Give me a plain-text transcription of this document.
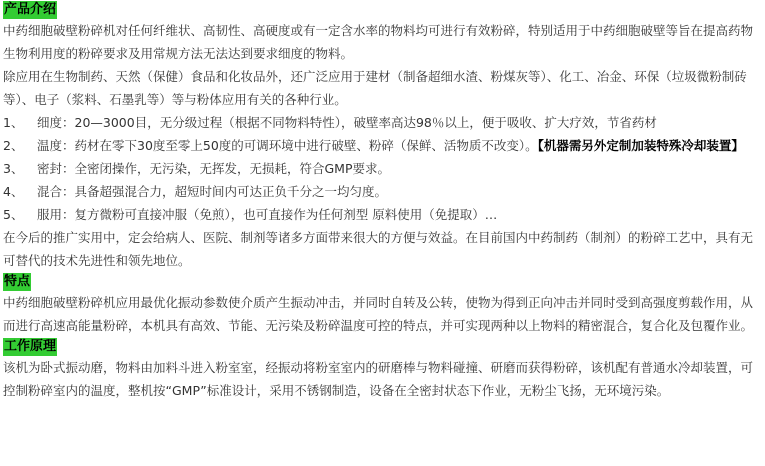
产品介绍

中药细胞破壁粉碎机对任何纤维状、高韧性、高硬度或有一定含水率的物料均可进行有效粉碎，特别适用于中药细胞破壁等旨在提高药物生物利用度的粉碎要求及用常规方法无法达到要求细度的物料。

除应用在生物制药、天然（保健）食品和化妆品外，还广泛应用于建材（制备超细水渣、粉煤灰等）、化工、冶金、环保（垃圾微粉制砖等）、电子（浆料、石墨乳等）等与粉体应用有关的各种行业。

1、 细度：20—3000目，无分级过程（根据不同物料特性），破壁率高达98％以上，便于吸收、扩大疗效，节省药材

2、 温度：药材在零下30度至零上50度的可调环境中进行破壁、粉碎（保鲜、活物质不改变）。【机器需另外定制加装特殊冷却装置】

3、 密封：全密闭操作，无污染，无挥发，无损耗，符合GMP要求。

4、 混合：具备超强混合力，超短时间内可达正负千分之一均匀度。

5、 服用：复方微粉可直接冲服（免煎），也可直接作为任何剂型 原料使用（免提取）…

在今后的推广实用中，定会给病人、医院、制剂等诸多方面带来很大的方便与效益。在目前国内中药制药（制剂）的粉碎工艺中，具有无可替代的技术先进性和领先地位。

特点

中药细胞破壁粉碎机应用最优化振动参数使介质产生振动冲击，并同时自转及公转，使物为得到正向冲击并同时受到高强度剪载作用，从而进行高速高能量粉碎，本机具有高效、节能、无污染及粉碎温度可控的特点，并可实现两种以上物料的精密混合，复合化及包覆作业。

工作原理

该机为卧式振动磨，物料由加料斗进入粉室室，经振动将粉室室内的研磨棒与物料碰撞、研磨而获得粉碎，该机配有普通水冷却装置，可控制粉碎室内的温度，整机按“GMP”标准设计，采用不锈钢制造，设备在全密封状态下作业，无粉尘飞扬，无环境污染。
